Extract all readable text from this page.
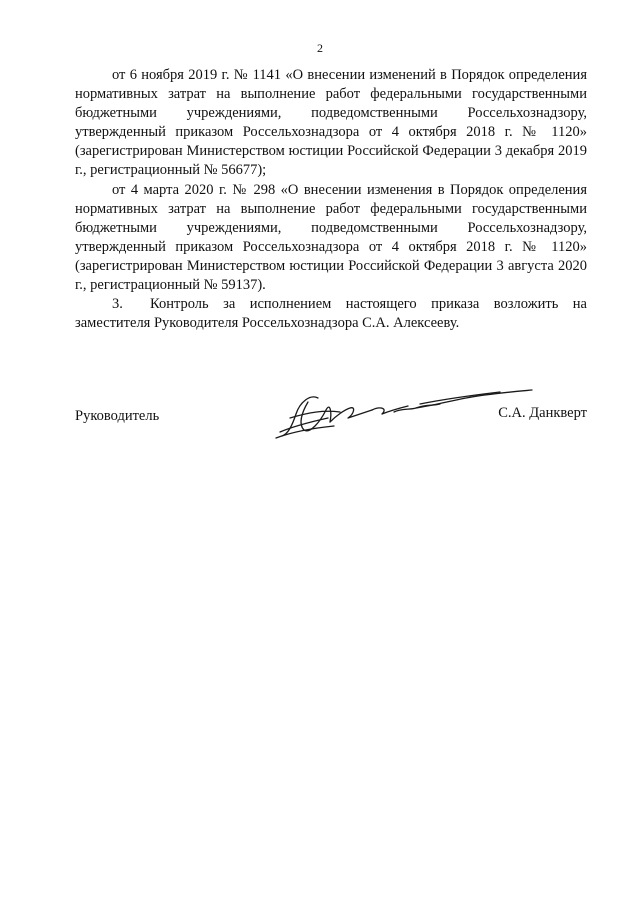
2

от 6 ноября 2019 г. № 1141 «О внесении изменений в Порядок определения нормативных затрат на выполнение работ федеральными государственными бюджетными учреждениями, подведомственными Россельхознадзору, утвержденный приказом Россельхознадзора от 4 октября 2018 г. № 1120» (зарегистрирован Министерством юстиции Российской Федерации 3 декабря 2019 г., регистрационный № 56677);

от 4 марта 2020 г. № 298 «О внесении изменения в Порядок определения нормативных затрат на выполнение работ федеральными государственными бюджетными учреждениями, подведомственными Россельхознадзору, утвержденный приказом Россельхознадзора от 4 октября 2018 г. № 1120» (зарегистрирован Министерством юстиции Российской Федерации 3 августа 2020 г., регистрационный № 59137).

3. Контроль за исполнением настоящего приказа возложить на заместителя Руководителя Россельхознадзора С.А. Алексееву.

Руководитель	С.А. Данкверт
